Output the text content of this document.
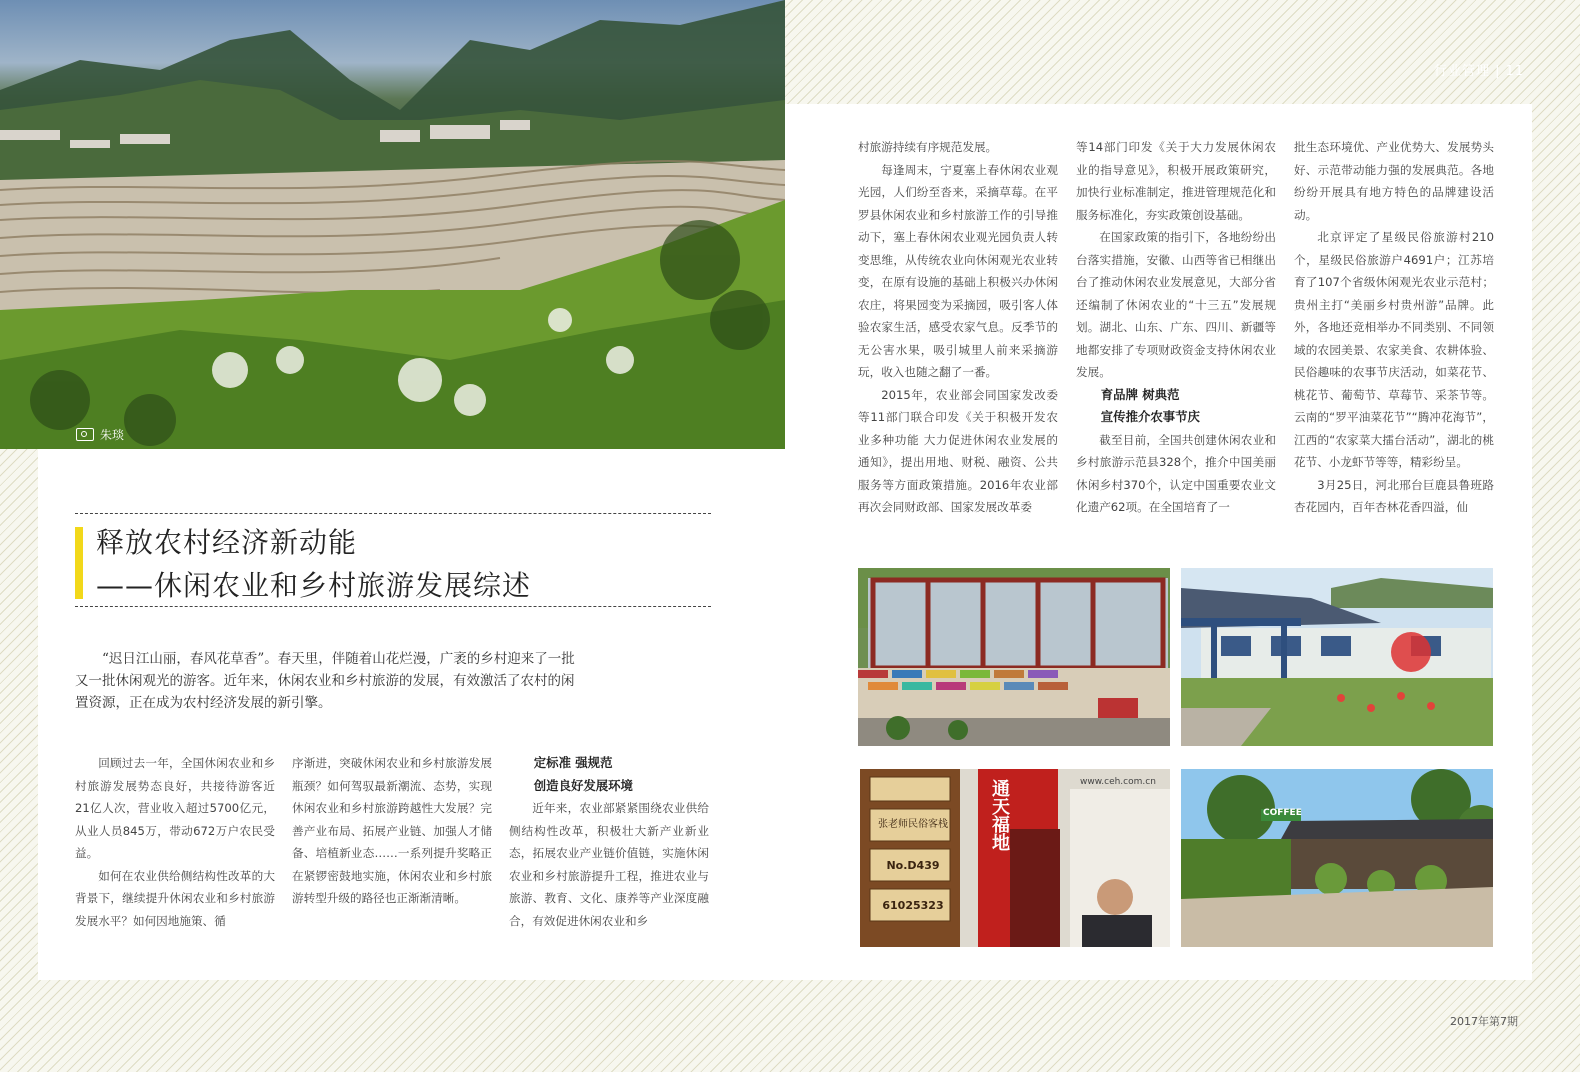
朱琰
行业管理 | 11
释放农村经济新动能
——休闲农业和乡村旅游发展综述

“迟日江山丽，春风花草香”。春天里，伴随着山花烂漫，广袤的乡村迎来了一批又一批休闲观光的游客。近年来，休闲农业和乡村旅游的发展，有效激活了农村的闲置资源，正在成为农村经济发展的新引擎。

回顾过去一年，全国休闲农业和乡村旅游发展势态良好，共接待游客近21亿人次，营业收入超过5700亿元，从业人员845万，带动672万户农民受益。

如何在农业供给侧结构性改革的大背景下，继续提升休闲农业和乡村旅游发展水平？如何因地施策、循

序渐进，突破休闲农业和乡村旅游发展瓶颈？如何驾驭最新潮流、态势，实现休闲农业和乡村旅游跨越性大发展？完善产业布局、拓展产业链、加强人才储备、培植新业态……一系列提升奖略正在紧锣密鼓地实施，休闲农业和乡村旅游转型升级的路径也正渐渐清晰。

定标准 强规范
创造良好发展环境

近年来，农业部紧紧围绕农业供给侧结构性改革，积极壮大新产业新业态，拓展农业产业链价值链，实施休闲农业和乡村旅游提升工程，推进农业与旅游、教育、文化、康养等产业深度融合，有效促进休闲农业和乡

村旅游持续有序规范发展。

每逢周末，宁夏塞上春休闲农业观光园，人们纷至沓来，采摘草莓。在平罗县休闲农业和乡村旅游工作的引导推动下，塞上春休闲农业观光园负责人转变思维，从传统农业向休闲观光农业转变，在原有设施的基础上积极兴办休闲农庄，将果园变为采摘园，吸引客人体验农家生活，感受农家气息。反季节的无公害水果，吸引城里人前来采摘游玩，收入也随之翻了一番。

2015年，农业部会同国家发改委等11部门联合印发《关于积极开发农业多种功能 大力促进休闲农业发展的通知》，提出用地、财税、融资、公共服务等方面政策措施。2016年农业部再次会同财政部、国家发展改革委

等14部门印发《关于大力发展休闲农业的指导意见》，积极开展政策研究，加快行业标准制定，推进管理规范化和服务标准化，夯实政策创设基础。

在国家政策的指引下，各地纷纷出台落实措施，安徽、山西等省已相继出台了推动休闲农业发展意见，大部分省还编制了休闲农业的“十三五”发展规划。湖北、山东、广东、四川、新疆等地都安排了专项财政资金支持休闲农业发展。

育品牌 树典范
宣传推介农事节庆

截至目前，全国共创建休闲农业和乡村旅游示范县328个，推介中国美丽休闲乡村370个，认定中国重要农业文化遗产62项。在全国培育了一

批生态环境优、产业优势大、发展势头好、示范带动能力强的发展典范。各地纷纷开展具有地方特色的品牌建设活动。

北京评定了星级民俗旅游村210个，星级民俗旅游户4691户；江苏培育了107个省级休闲观光农业示范村；贵州主打“美丽乡村贵州游”品牌。此外，各地还竞相举办不同类别、不同领域的农园美景、农家美食、农耕体验、民俗趣味的农事节庆活动，如菜花节、桃花节、葡萄节、草莓节、采茶节等。云南的“罗平油菜花节”“腾冲花海节”，江西的“农家菜大擂台活动”，湖北的桃花节、小龙虾节等等，精彩纷呈。

3月25日，河北邢台巨鹿县鲁班路杏花园内，百年杏林花香四溢，仙

张老师民俗客栈
No.D439
61025323
www.ceh.com.cn
通天福地	COFFEE
2017年第7期
